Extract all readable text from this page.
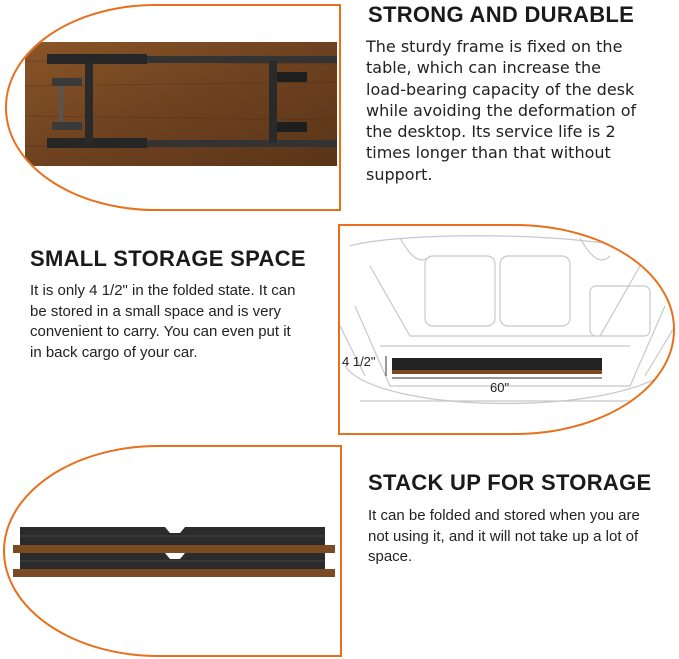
STRONG AND DURABLE

The sturdy frame is fixed on the table, which can increase the load-bearing capacity of the desk while avoiding the deformation of the desktop. Its service life is 2 times longer than that without support.

SMALL STORAGE SPACE

It is only 4 1/2" in the folded state. It can be stored in a small space and is very convenient to carry. You can even put it in back cargo of your car.

4 1/2"
60"
STACK UP FOR STORAGE

It can be folded and stored when you are not using it, and it will not take up a lot of space.
